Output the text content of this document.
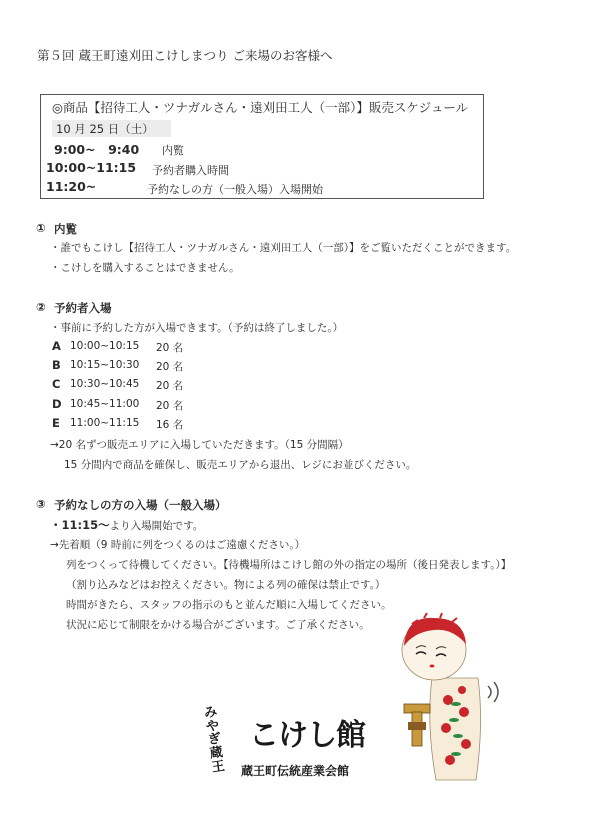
第５回 蔵王町遠刈田こけしまつり ご来場のお客様へ
◎商品【招待工人・ツナガルさん・遠刈田工人（一部）】販売スケジュール
10 月 25 日（土）
9:00~　9:40 内覧
10:00~11:15 予約者購入時間
11:20~	予約なしの方（一般入場）入場開始
① 内覧
・誰でもこけし【招待工人・ツナガルさん・遠刈田工人（一部）】をご覧いただくことができます。
・こけしを購入することはできません。
② 予約者入場
・事前に予約した方が入場できます。（予約は終了しました。）
A 10:00~10:15 20 名
B 10:15~10:30 20 名
C 10:30~10:45 20 名
D 10:45~11:00 20 名
E 11:00~11:15 16 名
→20 名ずつ販売エリアに入場していただきます。（15 分間隔）
15 分間内で商品を確保し、販売エリアから退出、レジにお並びください。
③ 予約なしの方の入場（一般入場）
・11:15～より入場開始です。
→先着順（9 時前に列をつくるのはご遠慮ください。）
列をつくって待機してください。【待機場所はこけし館の外の指定の場所（後日発表します。）】
（割り込みなどはお控えください。物による列の確保は禁止です。）
時間がきたら、スタッフの指示のもと並んだ順に入場してください。
状況に応じて制限をかける場合がございます。ご了承ください。
みやぎ蔵王
こけし館
蔵王町伝統産業会館
